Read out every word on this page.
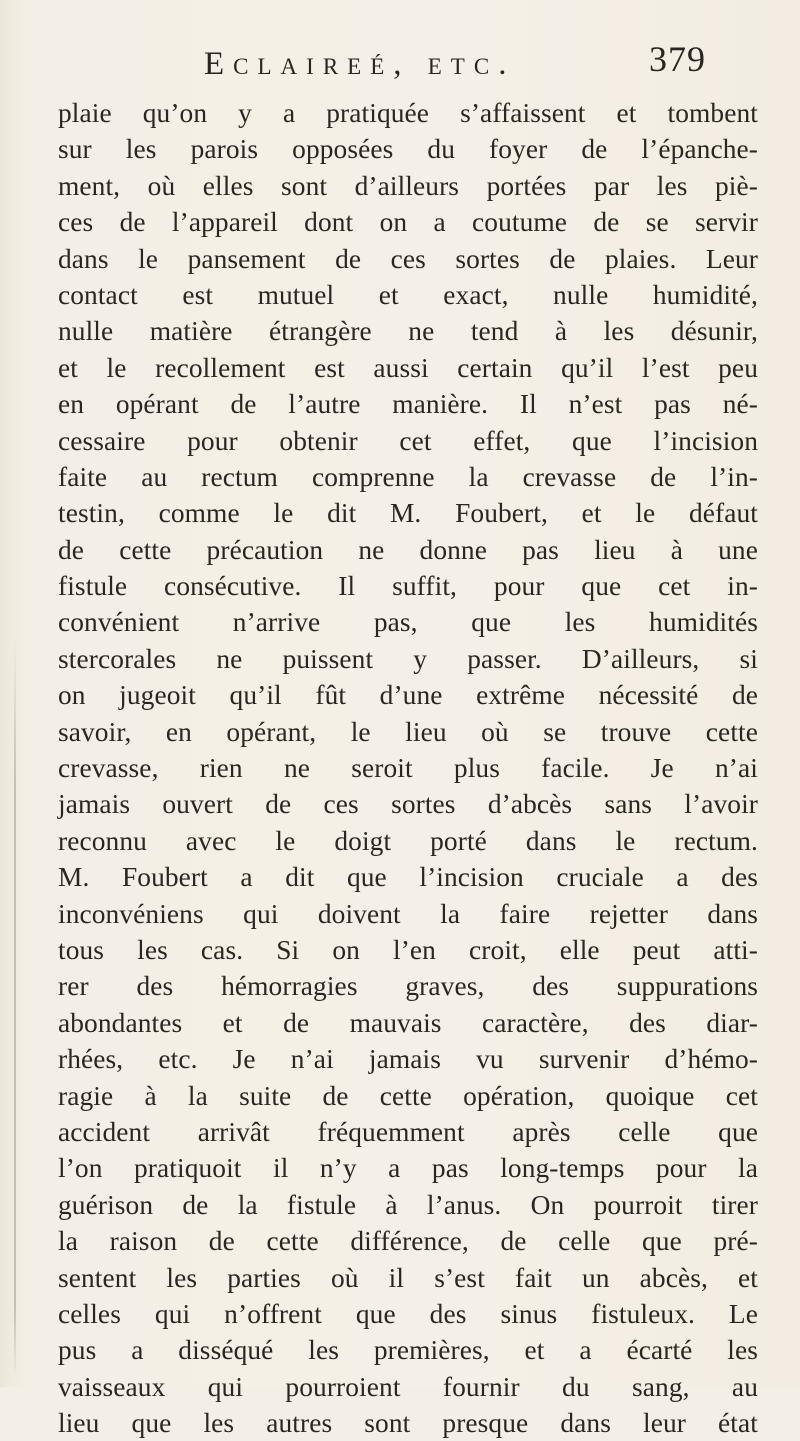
Eclaireé, etc.	379
plaie qu’on y a pratiquée s’affaissent et tombent
sur les parois opposées du foyer de l’épanche-
ment, où elles sont d’ailleurs portées par les piè-
ces de l’appareil dont on a coutume de se servir
dans le pansement de ces sortes de plaies. Leur
contact est mutuel et exact, nulle humidité,
nulle matière étrangère ne tend à les désunir,
et le recollement est aussi certain qu’il l’est peu
en opérant de l’autre manière. Il n’est pas né-
cessaire pour obtenir cet effet, que l’incision
faite au rectum comprenne la crevasse de l’in-
testin, comme le dit M. Foubert, et le défaut
de cette précaution ne donne pas lieu à une
fistule consécutive. Il suffit, pour que cet in-
convénient n’arrive pas, que les humidités
stercorales ne puissent y passer. D’ailleurs, si
on jugeoit qu’il fût d’une extrême nécessité de
savoir, en opérant, le lieu où se trouve cette
crevasse, rien ne seroit plus facile. Je n’ai
jamais ouvert de ces sortes d’abcès sans l’avoir
reconnu avec le doigt porté dans le rectum.
M. Foubert a dit que l’incision cruciale a des
inconvéniens qui doivent la faire rejetter dans
tous les cas. Si on l’en croit, elle peut atti-
rer des hémorragies graves, des suppurations
abondantes et de mauvais caractère, des diar-
rhées, etc. Je n’ai jamais vu survenir d’hémo-
ragie à la suite de cette opération, quoique cet
accident arrivât fréquemment après celle que
l’on pratiquoit il n’y a pas long-temps pour la
guérison de la fistule à l’anus. On pourroit tirer
la raison de cette différence, de celle que pré-
sentent les parties où il s’est fait un abcès, et
celles qui n’offrent que des sinus fistuleux. Le
pus a disséqué les premières, et a écarté les
vaisseaux qui pourroient fournir du sang, au
lieu que les autres sont presque dans leur état
